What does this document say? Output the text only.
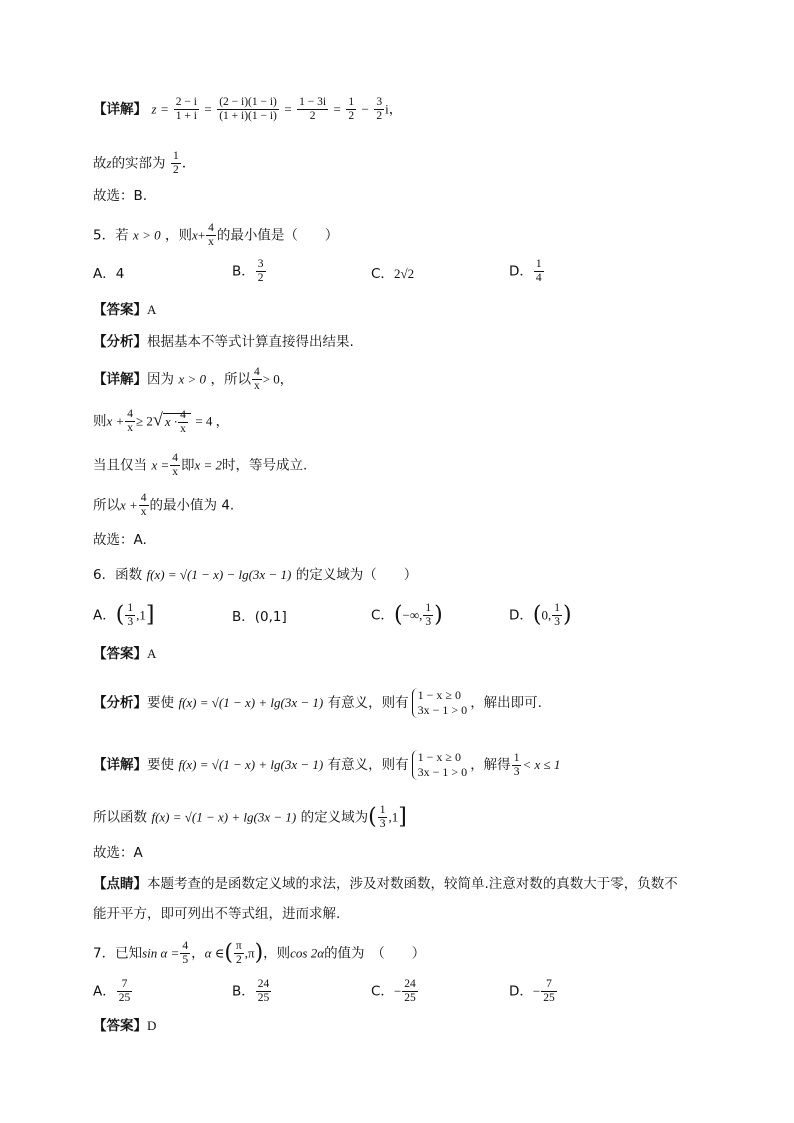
【详解】 $z = \frac{2 - i}{1 + i} = \frac{(2 - i)(1 - i)}{(1 + i)(1 - i)} = \frac{1 - 3i}{2} = \frac{1}{2} - \frac{3}{2}$ i，
故z的实部为 $\frac{1}{2}$ .
故选：B.
5．若 x > 0 ，则$x+ \frac{4}{x}$ 的最小值是（　　）
A．4	B． $\frac{3}{2}$	C．2√2	D． $\frac{1}{4}$
【答案】A
【分析】根据基本不等式计算直接得出结果.
【详解】因为 x > 0 ，所以 $\frac{4}{x} > 0$，
则$x + \frac{4}{x} \ge 2√$ $x \cdot \frac{4}{x} = 4$ ，
当且仅当 $x = \frac{4}{x}$ 即x = 2时，等号成立.
所以$x + \frac{4}{x}$ 的最小值为 4.
故选：A.
6．函数 f(x) = √(1 − x) − lg(3x − 1) 的定义域为（　　）
A．( $\frac{1}{3} ,1$]	B．(0,1]	C．(−∞, $\frac{1}{3}$ )	D．(0, $\frac{1}{3}$ )
【答案】A
【分析】要使 f(x) = √(1 − x) + lg(3x − 1) 有意义，则有 1 − x ≥ 0
3x − 1 > 0 ，解出即可.
【详解】要使 f(x) = √(1 − x) + lg(3x − 1) 有意义，则有 1 − x ≥ 0
3x − 1 > 0 ，解得 $\frac{1}{3} < x \le 1$
所以函数 f(x) = √(1 − x) + lg(3x − 1) 的定义域为( $\frac{1}{3} ,1$]
故选：A
【点睛】本题考查的是函数定义域的求法，涉及对数函数，较简单.注意对数的真数大于零，负数不
能开平方，即可列出不等式组，进而求解.
7．已知$\sin \alpha = \frac{4}{5}$ ，α ∈( $\frac{\pi}{2} ,\pi$)，则cos 2α的值为　（　　）
A． $\frac{7}{25}$	B． $\frac{24}{25}$	C．− $\frac{24}{25}$	D．− $\frac{7}{25}$
【答案】D
